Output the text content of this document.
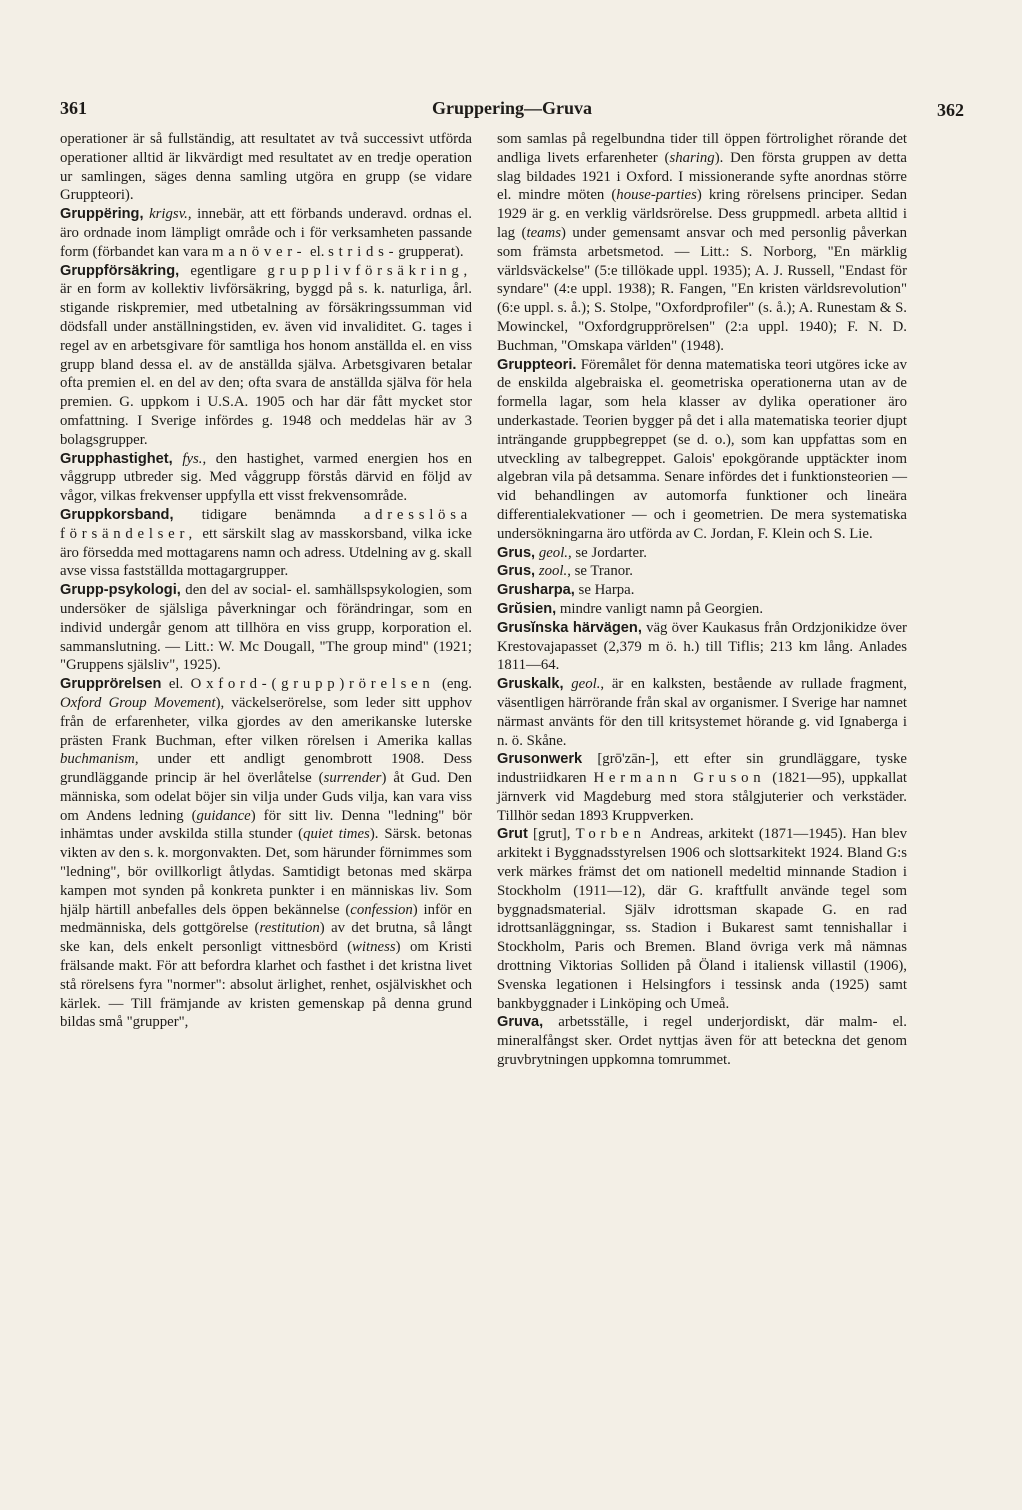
361	Gruppering—Gruva	362

operationer är så fullständig, att resultatet av två successivt utförda operationer alltid är likvärdigt med resultatet av en tredje operation ur samlingen, säges denna samling utgöra en grupp (se vidare Gruppteori).

Gruppëring, krigsv., innebär, att ett förbands underavd. ordnas el. äro ordnade inom lämpligt område och i för verksamheten passande form (förbandet kan vara manöver- el. strids-grupperat).

Gruppförsäkring, egentligare grupplivförsäkring, är en form av kollektiv livförsäkring, byggd på s. k. naturliga, årl. stigande riskpremier, med utbetalning av försäkringssumman vid dödsfall under anställningstiden, ev. även vid invaliditet. G. tages i regel av en arbetsgivare för samtliga hos honom anställda el. en viss grupp bland dessa el. av de anställda själva. Arbetsgivaren betalar ofta premien el. en del av den; ofta svara de anställda själva för hela premien. G. uppkom i U.S.A. 1905 och har där fått mycket stor omfattning. I Sverige infördes g. 1948 och meddelas här av 3 bolagsgrupper.

Grupphastighet, fys., den hastighet, varmed energien hos en våggrupp utbreder sig. Med våggrupp förstås därvid en följd av vågor, vilkas frekvenser uppfylla ett visst frekvensområde.

Gruppkorsband, tidigare benämnda adresslösa försändelser, ett särskilt slag av masskorsband, vilka icke äro försedda med mottagarens namn och adress. Utdelning av g. skall avse vissa fastställda mottagargrupper.

Grupp-psykologi, den del av social- el. samhällspsykologien, som undersöker de själsliga påverkningar och förändringar, som en individ undergår genom att tillhöra en viss grupp, korporation el. sammanslutning. — Litt.: W. Mc Dougall, "The group mind" (1921; "Gruppens själsliv", 1925).

Grupprörelsen el. Oxford-(grupp)rörelsen (eng. Oxford Group Movement), väckelserörelse, som leder sitt upphov från de erfarenheter, vilka gjordes av den amerikanske luterske prästen Frank Buchman, efter vilken rörelsen i Amerika kallas buchmanism, under ett andligt genombrott 1908. Dess grundläggande princip är hel överlåtelse (surrender) åt Gud. Den människa, som odelat böjer sin vilja under Guds vilja, kan vara viss om Andens ledning (guidance) för sitt liv. Denna "ledning" bör inhämtas under avskilda stilla stunder (quiet times). Särsk. betonas vikten av den s. k. morgonvakten. Det, som härunder förnimmes som "ledning", bör ovillkorligt åtlydas. Samtidigt betonas med skärpa kampen mot synden på konkreta punkter i en människas liv. Som hjälp härtill anbefalles dels öppen bekännelse (confession) inför en medmänniska, dels gottgörelse (restitution) av det brutna, så långt ske kan, dels enkelt personligt vittnesbörd (witness) om Kristi frälsande makt. För att befordra klarhet och fasthet i det kristna livet stå rörelsens fyra "normer": absolut ärlighet, renhet, osjälviskhet och kärlek. — Till främjande av kristen gemenskap på denna grund bildas små "grupper",

som samlas på regelbundna tider till öppen förtrolighet rörande det andliga livets erfarenheter (sharing). Den första gruppen av detta slag bildades 1921 i Oxford. I missionerande syfte anordnas större el. mindre möten (house-parties) kring rörelsens principer. Sedan 1929 är g. en verklig världsrörelse. Dess gruppmedl. arbeta alltid i lag (teams) under gemensamt ansvar och med personlig påverkan som främsta arbetsmetod. — Litt.: S. Norborg, "En märklig världsväckelse" (5:e tillökade uppl. 1935); A. J. Russell, "Endast för syndare" (4:e uppl. 1938); R. Fangen, "En kristen världsrevolution" (6:e uppl. s. å.); S. Stolpe, "Oxfordprofiler" (s. å.); A. Runestam & S. Mowinckel, "Oxfordgrupprörelsen" (2:a uppl. 1940); F. N. D. Buchman, "Omskapa världen" (1948).

Gruppteori. Föremålet för denna matematiska teori utgöres icke av de enskilda algebraiska el. geometriska operationerna utan av de formella lagar, som hela klasser av dylika operationer äro underkastade. Teorien bygger på det i alla matematiska teorier djupt inträngande gruppbegreppet (se d. o.), som kan uppfattas som en utveckling av talbegreppet. Galois' epokgörande upptäckter inom algebran vila på detsamma. Senare infördes det i funktionsteorien — vid behandlingen av automorfa funktioner och lineära differentialekvationer — och i geometrien. De mera systematiska undersökningarna äro utförda av C. Jordan, F. Klein och S. Lie.

Grus, geol., se Jordarter.

Grus, zool., se Tranor.

Grusharpa, se Harpa.

Grŭsien, mindre vanligt namn på Georgien.

Grusĭnska härvägen, väg över Kaukasus från Ordzjonikidze över Krestovajapasset (2,379 m ö. h.) till Tiflis; 213 km lång. Anlades 1811—64.

Gruskalk, geol., är en kalksten, bestående av rullade fragment, väsentligen härrörande från skal av organismer. I Sverige har namnet närmast använts för den till kritsystemet hörande g. vid Ignaberga i n. ö. Skåne.

Grusonwerk [grō'zān-], ett efter sin grundläggare, tyske industriidkaren Hermann Gruson (1821—95), uppkallat järnverk vid Magdeburg med stora stålgjuterier och verkstäder. Tillhör sedan 1893 Kruppverken.

Grut [grut], Torben Andreas, arkitekt (1871—1945). Han blev arkitekt i Byggnadsstyrelsen 1906 och slottsarkitekt 1924. Bland G:s verk märkes främst det om nationell medeltid minnande Stadion i Stockholm (1911—12), där G. kraftfullt använde tegel som byggnadsmaterial. Själv idrottsman skapade G. en rad idrottsanläggningar, ss. Stadion i Bukarest samt tennishallar i Stockholm, Paris och Bremen. Bland övriga verk må nämnas drottning Viktorias Solliden på Öland i italiensk villastil (1906), Svenska legationen i Helsingfors i tessinsk anda (1925) samt bankbyggnader i Linköping och Umeå.

Gruva, arbetsställe, i regel underjordiskt, där malm- el. mineralfångst sker. Ordet nyttjas även för att beteckna det genom gruvbrytningen uppkomna tomrummet.
